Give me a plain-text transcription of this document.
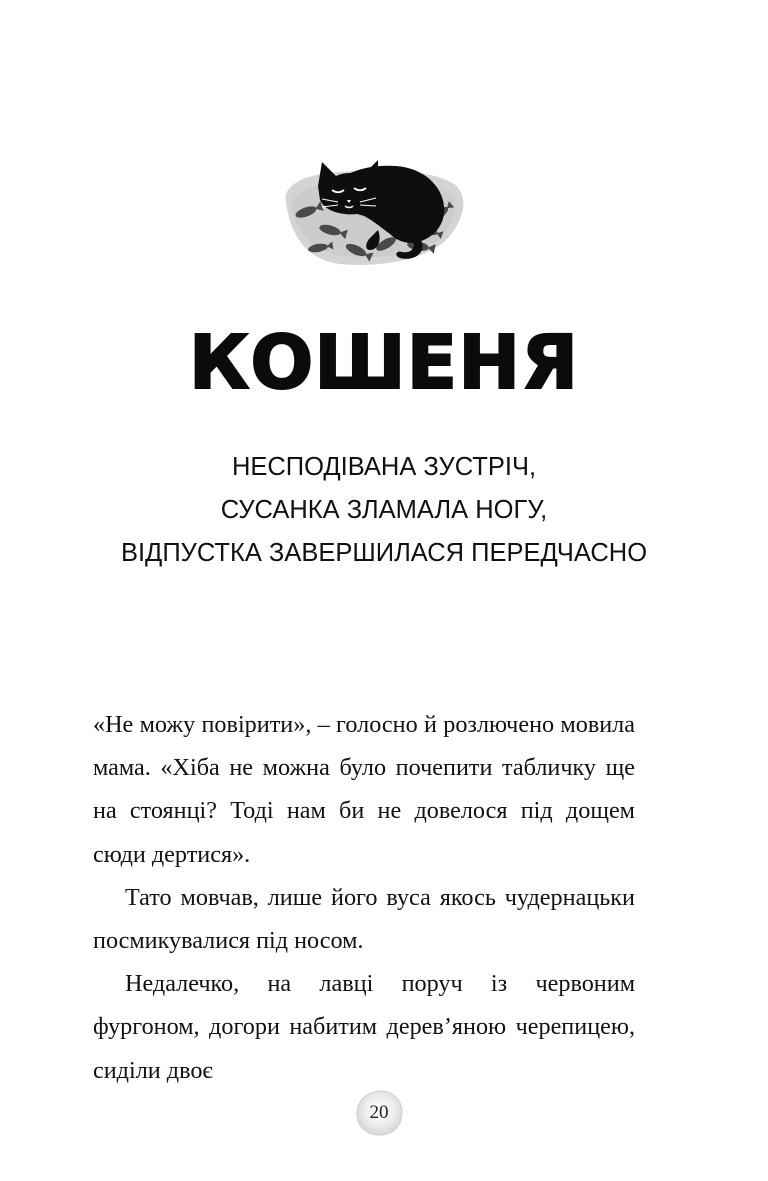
КОШЕНЯ
НЕСПОДІВАНА ЗУСТРІЧ,
СУСАНКА ЗЛАМАЛА НОГУ,
ВІДПУСТКА ЗАВЕРШИЛАСЯ ПЕРЕДЧАСНО

«Не можу повірити», – голосно й розлючено мовила мама. «Хіба не можна було почепити табличку ще на стоянці? Тоді нам би не довелося під дощем сюди дертися».

Тато мовчав, лише його вуса якось чудернацьки посмикувалися під носом.

Недалечко, на лавці поруч із червоним фургоном, догори набитим дерев’яною черепицею, сиділи двоє

20
